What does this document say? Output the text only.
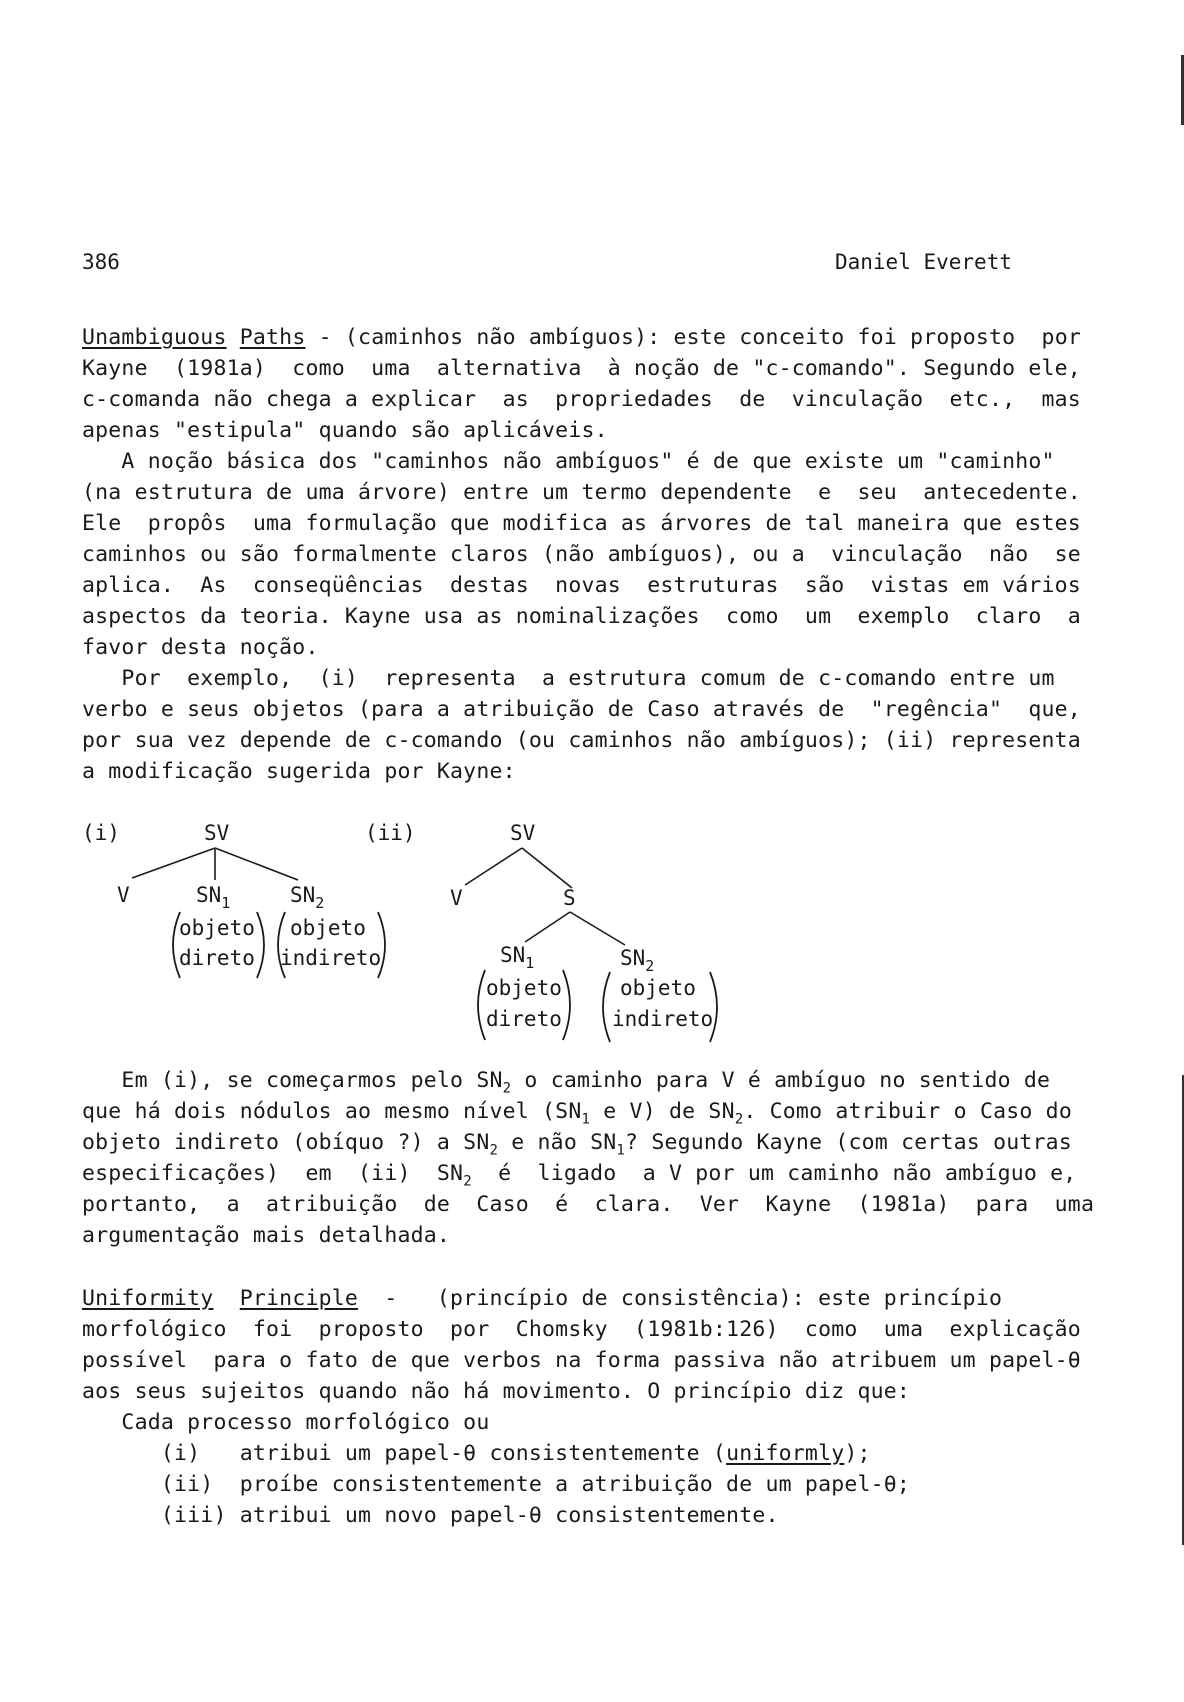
386	Daniel Everett
Unambiguous Paths - (caminhos não ambíguos): este conceito foi proposto  por
Kayne  (1981a)  como  uma  alternativa  à noção de "c-comando". Segundo ele,
c-comanda não chega a explicar  as  propriedades  de  vinculação  etc.,  mas
apenas "estipula" quando são aplicáveis.
A noção básica dos "caminhos não ambíguos" é de que existe um "caminho"
(na estrutura de uma árvore) entre um termo dependente  e  seu  antecedente.
Ele  propôs  uma formulação que modifica as árvores de tal maneira que estes
caminhos ou são formalmente claros (não ambíguos), ou a  vinculação  não  se
aplica.  As  conseqüências  destas  novas  estruturas  são  vistas em vários
aspectos da teoria. Kayne usa as nominalizações  como  um  exemplo  claro  a
favor desta noção.
Por  exemplo,  (i)  representa  a estrutura comum de c-comando entre um
verbo e seus objetos (para a atribuição de Caso através de  "regência"  que,
por sua vez depende de c-comando (ou caminhos não ambíguos); (ii) representa
a modificação sugerida por Kayne:
(i)	SV
V	$SN_1$	$SN_2$
objeto
direto
objeto
indireto
(ii)	SV
V	S
$SN_1$	$SN_2$
objeto
direto
objeto
indireto
Em (i), se começarmos pelo $SN_2$ o caminho para V é ambíguo no sentido de
que há dois nódulos ao mesmo nível ($SN_1$ e V) de $SN_2$. Como atribuir o Caso do
objeto indireto (obíquo ?) a $SN_2$ e não $SN_1$? Segundo Kayne (com certas outras
especificações)  em  (ii)  $SN_2$  é  ligado  a V por um caminho não ambíguo e,
portanto,  a  atribuição  de  Caso  é  clara.  Ver  Kayne  (1981a)  para  uma
argumentação mais detalhada.
Uniformity Principle  -   (princípio de consistência): este princípio
morfológico  foi  proposto  por  Chomsky  (1981b:126)  como  uma  explicação
possível  para o fato de que verbos na forma passiva não atribuem um papel-θ
aos seus sujeitos quando não há movimento. O princípio diz que:
Cada processo morfológico ou
(i)   atribui um papel-θ consistentemente (uniformly);
(ii)  proíbe consistentemente a atribuição de um papel-θ;
(iii) atribui um novo papel-θ consistentemente.
